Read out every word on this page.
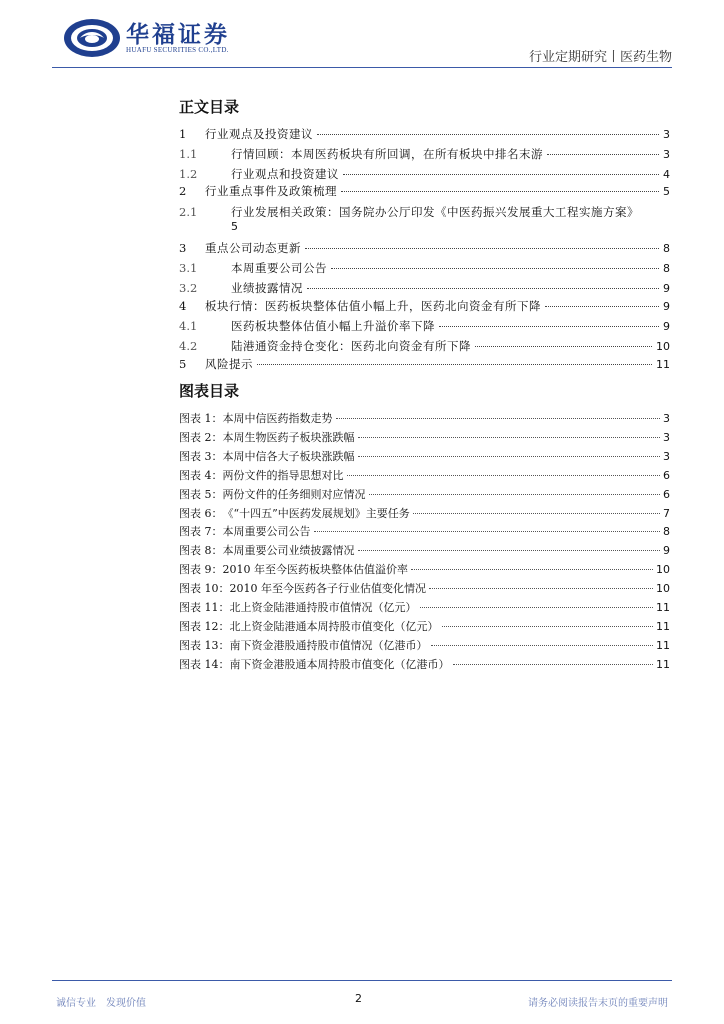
华福证券
HUAFU SECURITIES CO.,LTD.	行业定期研究丨医药生物
正文目录
1	行业观点及投资建议	3
1.1	行情回顾：本周医药板块有所回调，在所有板块中排名末游	3
1.2	行业观点和投资建议	4
2	行业重点事件及政策梳理	5
2.1	行业发展相关政策：国务院办公厅印发《中医药振兴发展重大工程实施方案》
5
3	重点公司动态更新	8
3.1	本周重要公司公告	8
3.2	业绩披露情况	9
4	板块行情：医药板块整体估值小幅上升，医药北向资金有所下降	9
4.1	医药板块整体估值小幅上升溢价率下降	9
4.2	陆港通资金持仓变化：医药北向资金有所下降	10
5	风险提示	11
图表目录
图表 1： 本周中信医药指数走势	3
图表 2： 本周生物医药子板块涨跌幅	3
图表 3： 本周中信各大子板块涨跌幅	3
图表 4： 两份文件的指导思想对比	6
图表 5： 两份文件的任务细则对应情况	6
图表 6： 《“十四五”中医药发展规划》主要任务	7
图表 7： 本周重要公司公告	8
图表 8： 本周重要公司业绩披露情况	9
图表 9： 2010 年至今医药板块整体估值溢价率	10
图表 10： 2010 年至今医药各子行业估值变化情况	10
图表 11： 北上资金陆港通持股市值情况（亿元）	11
图表 12： 北上资金陆港通本周持股市值变化（亿元）	11
图表 13： 南下资金港股通持股市值情况（亿港币）	11
图表 14： 南下资金港股通本周持股市值变化（亿港币）	11
诚信专业　发现价值	2	请务必阅读报告末页的重要声明
